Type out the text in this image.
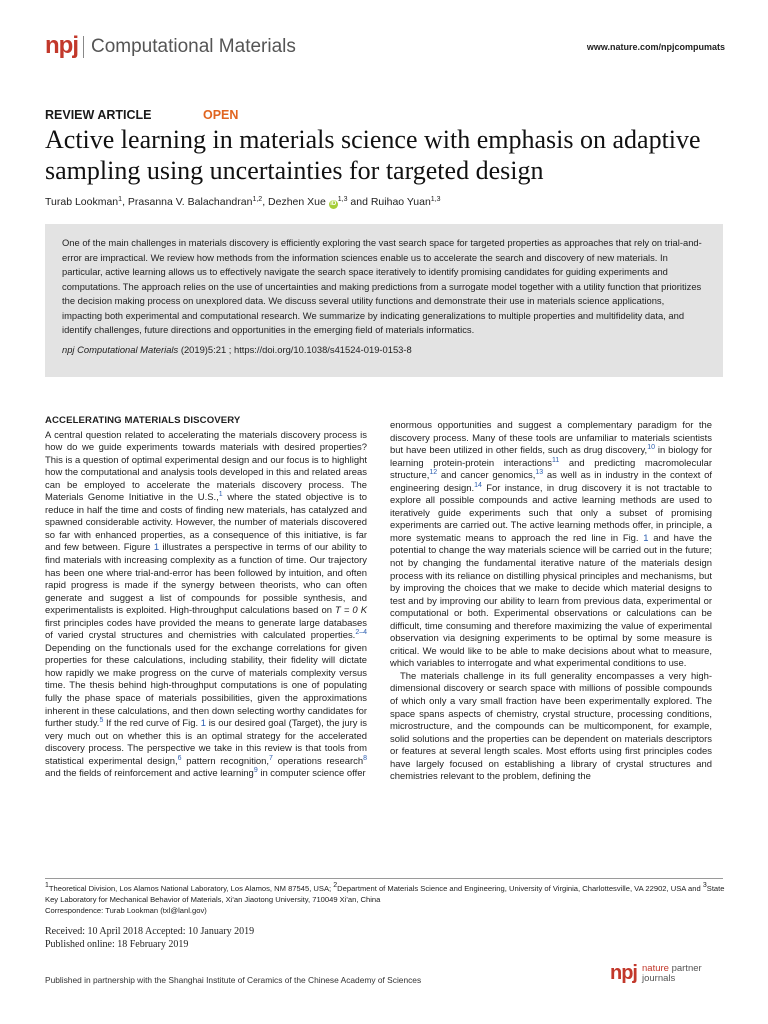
npj Computational Materials	www.nature.com/npjcompumats
REVIEW ARTICLE	OPEN
Active learning in materials science with emphasis on adaptive sampling using uncertainties for targeted design
Turab Lookman$^1$, Prasanna V. Balachandran$^{1,2}$, Dezhen Xue iD$^{1,3}$ and Ruihao Yuan$^{1,3}$

One of the main challenges in materials discovery is efficiently exploring the vast search space for targeted properties as approaches that rely on trial-and-error are impractical. We review how methods from the information sciences enable us to accelerate the search and discovery of new materials. In particular, active learning allows us to effectively navigate the search space iteratively to identify promising candidates for guiding experiments and computations. The approach relies on the use of uncertainties and making predictions from a surrogate model together with a utility function that prioritizes the decision making process on unexplored data. We discuss several utility functions and demonstrate their use in materials science applications, impacting both experimental and computational research. We summarize by indicating generalizations to multiple properties and multifidelity data, and identify challenges, future directions and opportunities in the emerging field of materials informatics.

npj Computational Materials (2019)5:21 ; https://doi.org/10.1038/s41524-019-0153-8

ACCELERATING MATERIALS DISCOVERY

A central question related to accelerating the materials discovery process is how do we guide experiments towards materials with desired properties? This is a question of optimal experimental design and our focus is to highlight how the computational and analysis tools developed in this and related areas can be employed to accelerate the materials discovery process. The Materials Genome Initiative in the U.S.,$^1$ where the stated objective is to reduce in half the time and costs of finding new materials, has catalyzed and spawned considerable activity. However, the number of materials discovered so far with enhanced properties, as a consequence of this initiative, is far and few between. Figure 1 illustrates a perspective in terms of our ability to find materials with increasing complexity as a function of time. Our trajectory has been one where trial-and-error has been followed by intuition, and often rapid progress is made if the synergy between theorists, who can often generate and suggest a list of compounds for possible synthesis, and experimentalists is exploited. High-throughput calculations based on T = 0 K first principles codes have provided the means to generate large databases of varied crystal structures and chemistries with calculated properties.$^{2-4}$ Depending on the functionals used for the exchange correlations for given properties for these calculations, including stability, their fidelity will dictate how rapidly we make progress on the curve of materials complexity versus time. The thesis behind high-throughput computations is one of populating fully the phase space of materials possibilities, given the approximations inherent in these calculations, and then down selecting worthy candidates for further study.$^5$ If the red curve of Fig. 1 is our desired goal (Target), the jury is very much out on whether this is an optimal strategy for the accelerated discovery process. The perspective we take in this review is that tools from statistical experimental design,$^6$ pattern recognition,$^7$ operations research$^8$ and the fields of reinforcement and active learning$^9$ in computer science offer

enormous opportunities and suggest a complementary paradigm for the discovery process. Many of these tools are unfamiliar to materials scientists but have been utilized in other fields, such as drug discovery,$^{10}$ in biology for learning protein-protein interactions$^{11}$ and predicting macromolecular structure,$^{12}$ and cancer genomics,$^{13}$ as well as in industry in the context of engineering design.$^{14}$ For instance, in drug discovery it is not tractable to explore all possible compounds and active learning methods are used to iteratively guide experiments such that only a subset of promising experiments are carried out. The active learning methods offer, in principle, a more systematic means to approach the red line in Fig. 1 and have the potential to change the way materials science will be carried out in the future; not by changing the fundamental iterative nature of the materials design process with its reliance on distilling physical principles and mechanisms, but by improving the choices that we make to decide which material designs to test and by improving our ability to learn from previous data, experimental or computational or both. Experimental observations or calculations can be difficult, time consuming and therefore maximizing the value of experimental observation via designing experiments to be optimal by some measure is critical. We would like to be able to make decisions about what to measure, which variables to interrogate and what experimental conditions to use.

The materials challenge in its full generality encompasses a very high-dimensional discovery or search space with millions of possible compounds of which only a vary small fraction have been experimentally explored. The space spans aspects of chemistry, crystal structure, processing conditions, microstructure, and the compounds can be multicomponent, for example, solid solutions and the properties can be dependent on materials descriptors or features at several length scales. Most efforts using first principles codes have largely focused on establishing a library of crystal structures and chemistries relevant to the problem, defining the

$^1$Theoretical Division, Los Alamos National Laboratory, Los Alamos, NM 87545, USA; $^2$Department of Materials Science and Engineering, University of Virginia, Charlottesville, VA 22902, USA and $^3$State Key Laboratory for Mechanical Behavior of Materials, Xi'an Jiaotong University, 710049 Xi'an, China

Correspondence: Turab Lookman (txl@lanl.gov)

Received: 10 April 2018 Accepted: 10 January 2019

Published online: 18 February 2019

Published in partnership with the Shanghai Institute of Ceramics of the Chinese Academy of Sciences	npj nature partner
journals
